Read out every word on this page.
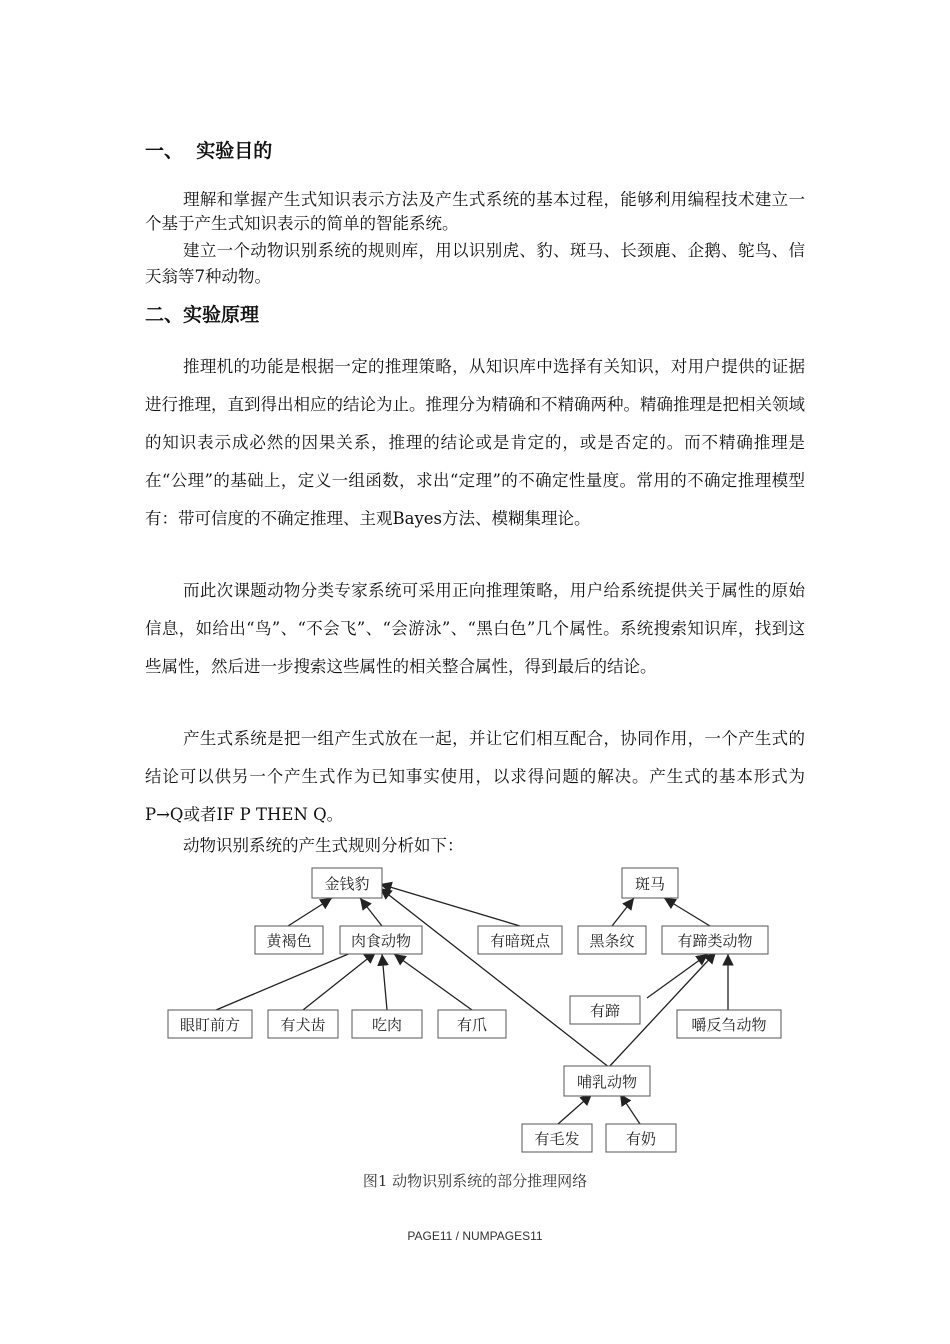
一、  实验目的

理解和掌握产生式知识表示方法及产生式系统的基本过程，能够利用编程技术建立一个基于产生式知识表示的简单的智能系统。

建立一个动物识别系统的规则库，用以识别虎、豹、斑马、长颈鹿、企鹅、鸵鸟、信天翁等7种动物。

二、实验原理

推理机的功能是根据一定的推理策略，从知识库中选择有关知识，对用户提供的证据进行推理，直到得出相应的结论为止。推理分为精确和不精确两种。精确推理是把相关领域的知识表示成必然的因果关系，推理的结论或是肯定的，或是否定的。而不精确推理是在“公理”的基础上，定义一组函数，求出“定理”的不确定性量度。常用的不确定推理模型有：带可信度的不确定推理、主观Bayes方法、模糊集理论。

而此次课题动物分类专家系统可采用正向推理策略，用户给系统提供关于属性的原始信息，如给出“鸟”、“不会飞”、“会游泳”、“黑白色”几个属性。系统搜索知识库，找到这些属性，然后进一步搜索这些属性的相关整合属性，得到最后的结论。

产生式系统是把一组产生式放在一起，并让它们相互配合，协同作用，一个产生式的结论可以供另一个产生式作为已知事实使用，以求得问题的解决。产生式的基本形式为P→Q或者IF P THEN Q。

动物识别系统的产生式规则分析如下：

金钱豹	斑马
黄褐色	肉食动物	有暗斑点	黑条纹	有蹄类动物
眼盯前方	有犬齿	吃肉	有爪
有蹄
嚼反刍动物
哺乳动物
有毛发	有奶
图1 动物识别系统的部分推理网络
PAGE11 / NUMPAGES11
